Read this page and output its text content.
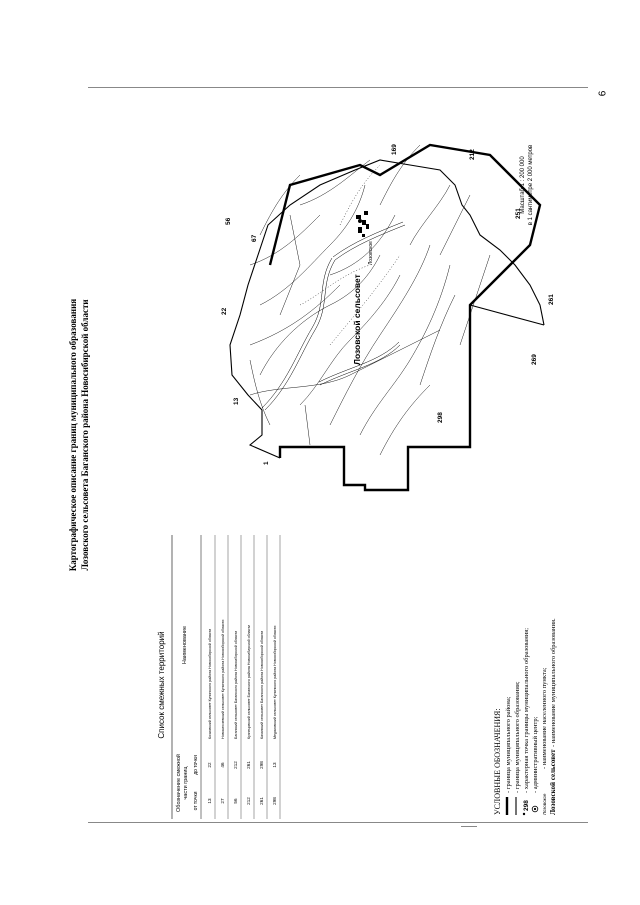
6
Картографическое описание границ муниципального образования Лозовского сельсовета Баганского района Новосибирской области
Список смежных территорий
Обозначение смежной части границ
от точки
до точки
Наименование
13
22
Кочковский сельсовет Купинского района Новосибирской области
27
46
Новоключевский сельсовет Купинского района Новосибирской области
56
212
Баганский сельсовет Баганского района Новосибирской области
212
261
Кузнецовский сельсовет Баганского района Новосибирской области
261
298
Казанский сельсовет Баганского района Новосибирской области
298
13
Медяковский сельсовет Купинского района Новосибирской области
Лозовское
Лозовской сельсовет
1
13
22
56
67
169	212
251
261
269
298
Масштаб 1 : 200 000 в 1 сантиметре 2 000 метров
УСЛОВНЫЕ ОБОЗНАЧЕНИЯ: - граница муниципального района; - граница муниципального образования;
298
- характерная точка границы муниципального образования; - административный центр;
Лозовское
- наименование населенного пункта;
Лозовской сельсовет
- наименование муниципального образования.
